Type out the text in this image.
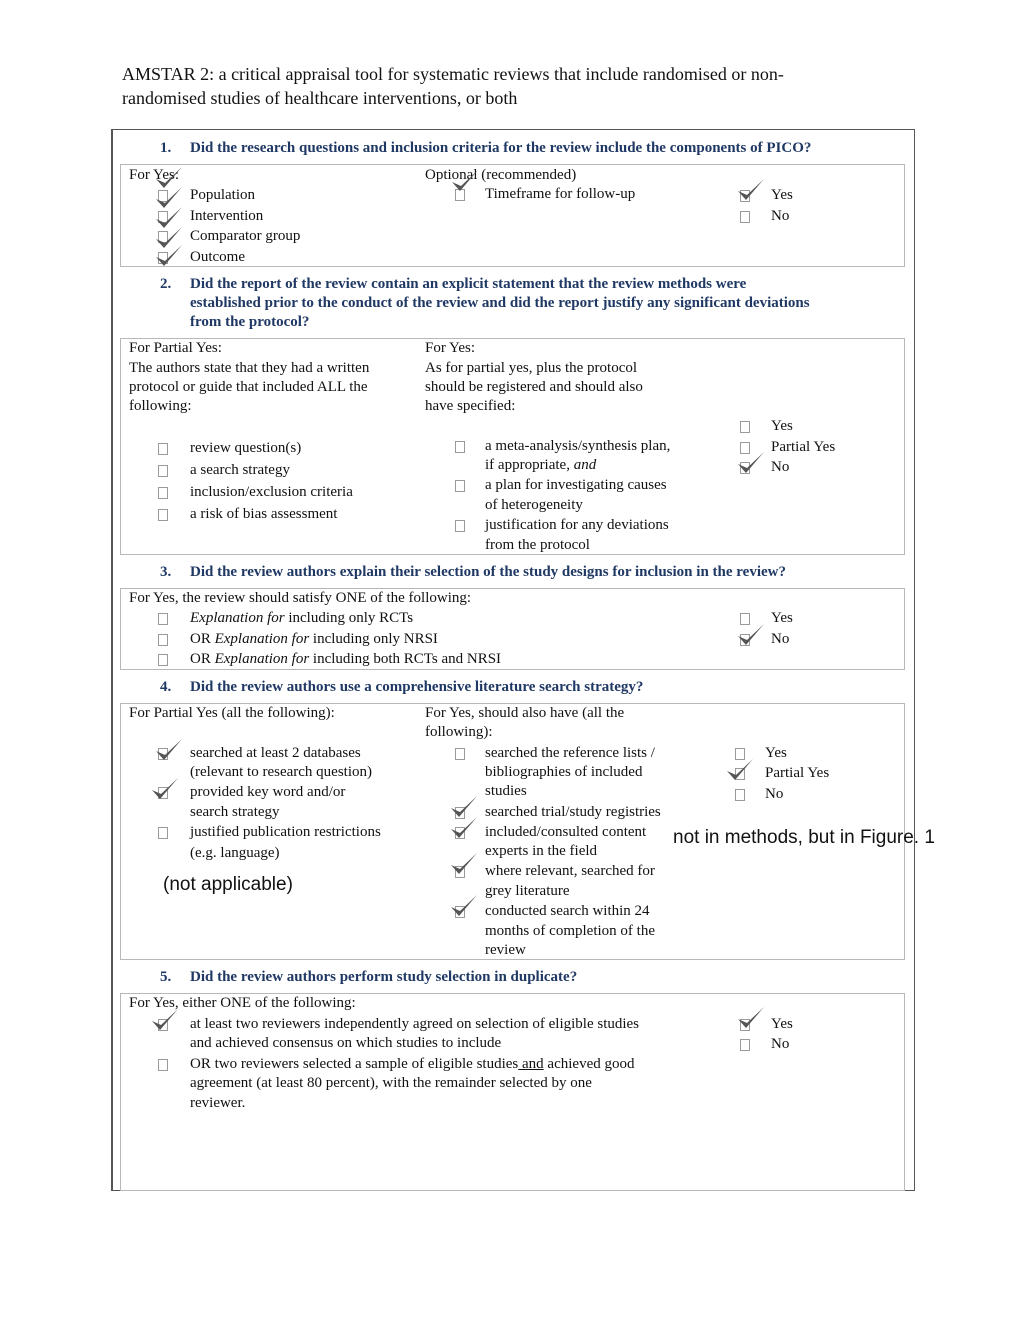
AMSTAR 2: a critical appraisal tool for systematic reviews that include randomised or non-
randomised studies of healthcare interventions, or both
1. Did the research questions and inclusion criteria for the review include the components of PICO?
For Yes:
Population
Intervention
Comparator group
Outcome
Optional (recommended)
Timeframe for follow-up	Yes
No
2. Did the report of the review contain an explicit statement that the review methods were
established prior to the conduct of the review and did the report justify any significant deviations
from the protocol?
For Partial Yes:
The authors state that they had a written
protocol or guide that included ALL the
following:
review question(s)
a search strategy
inclusion/exclusion criteria
a risk of bias assessment
For Yes:
As for partial yes, plus the protocol
should be registered and should also
have specified:
a meta-analysis/synthesis plan,
if appropriate, and
a plan for investigating causes
of heterogeneity
justification for any deviations
from the protocol
Yes
Partial Yes
No
3. Did the review authors explain their selection of the study designs for inclusion in the review?
For Yes, the review should satisfy ONE of the following:
Explanation for including only RCTs
OR Explanation for including only NRSI
OR Explanation for including both RCTs and NRSI
Yes
No
4. Did the review authors use a comprehensive literature search strategy?
For Partial Yes (all the following):
searched at least 2 databases
(relevant to research question)
provided key word and/or
search strategy
justified publication restrictions
(e.g. language)
For Yes, should also have (all the
following):
searched the reference lists /
bibliographies of included
studies
searched trial/study registries
included/consulted content
experts in the field
where relevant, searched for
grey literature
conducted search within 24
months of completion of the
review
Yes
Partial Yes
No
(not applicable)
not in methods, but in Figure. 1
5. Did the review authors perform study selection in duplicate?
For Yes, either ONE of the following:
at least two reviewers independently agreed on selection of eligible studies
and achieved consensus on which studies to include
OR two reviewers selected a sample of eligible studies and achieved good
agreement (at least 80 percent), with the remainder selected by one
reviewer.
Yes
No
